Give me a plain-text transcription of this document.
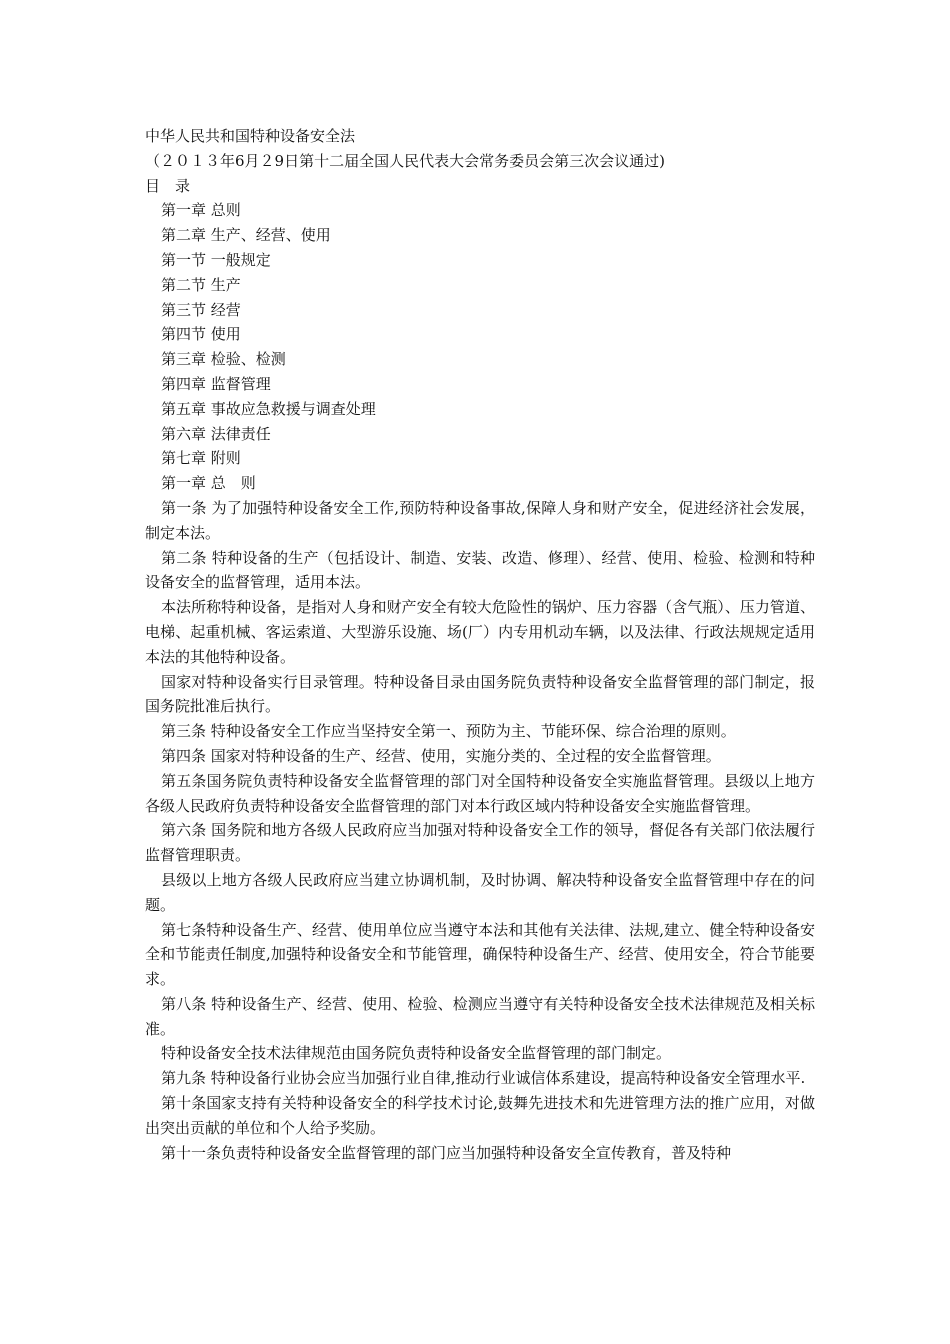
中华人民共和国特种设备安全法
（２０１３年6月２9日第十二届全国人民代表大会常务委员会第三次会议通过)
目　录
第一章 总则
第二章 生产、经营、使用
第一节 一般规定
第二节 生产
第三节 经营
第四节 使用
第三章 检验、检测
第四章 监督管理
第五章 事故应急救援与调查处理
第六章 法律责任
第七章 附则
第一章 总　则

第一条 为了加强特种设备安全工作,预防特种设备事故,保障人身和财产安全，促进经济社会发展，制定本法。

第二条 特种设备的生产（包括设计、制造、安装、改造、修理）、经营、使用、检验、检测和特种设备安全的监督管理，适用本法。

本法所称特种设备，是指对人身和财产安全有较大危险性的锅炉、压力容器（含气瓶）、压力管道、电梯、起重机械、客运索道、大型游乐设施、场(厂）内专用机动车辆，以及法律、行政法规规定适用本法的其他特种设备。

国家对特种设备实行目录管理。特种设备目录由国务院负责特种设备安全监督管理的部门制定，报国务院批准后执行。

第三条 特种设备安全工作应当坚持安全第一、预防为主、节能环保、综合治理的原则。

第四条 国家对特种设备的生产、经营、使用，实施分类的、全过程的安全监督管理。

第五条国务院负责特种设备安全监督管理的部门对全国特种设备安全实施监督管理。县级以上地方各级人民政府负责特种设备安全监督管理的部门对本行政区域内特种设备安全实施监督管理。

第六条 国务院和地方各级人民政府应当加强对特种设备安全工作的领导，督促各有关部门依法履行监督管理职责。

县级以上地方各级人民政府应当建立协调机制，及时协调、解决特种设备安全监督管理中存在的问题。

第七条特种设备生产、经营、使用单位应当遵守本法和其他有关法律、法规,建立、健全特种设备安全和节能责任制度,加强特种设备安全和节能管理，确保特种设备生产、经营、使用安全，符合节能要求。

第八条 特种设备生产、经营、使用、检验、检测应当遵守有关特种设备安全技术法律规范及相关标准。

特种设备安全技术法律规范由国务院负责特种设备安全监督管理的部门制定。

第九条 特种设备行业协会应当加强行业自律,推动行业诚信体系建设，提高特种设备安全管理水平.

第十条国家支持有关特种设备安全的科学技术讨论,鼓舞先进技术和先进管理方法的推广应用，对做出突出贡献的单位和个人给予奖励。

第十一条负责特种设备安全监督管理的部门应当加强特种设备安全宣传教育，普及特种
